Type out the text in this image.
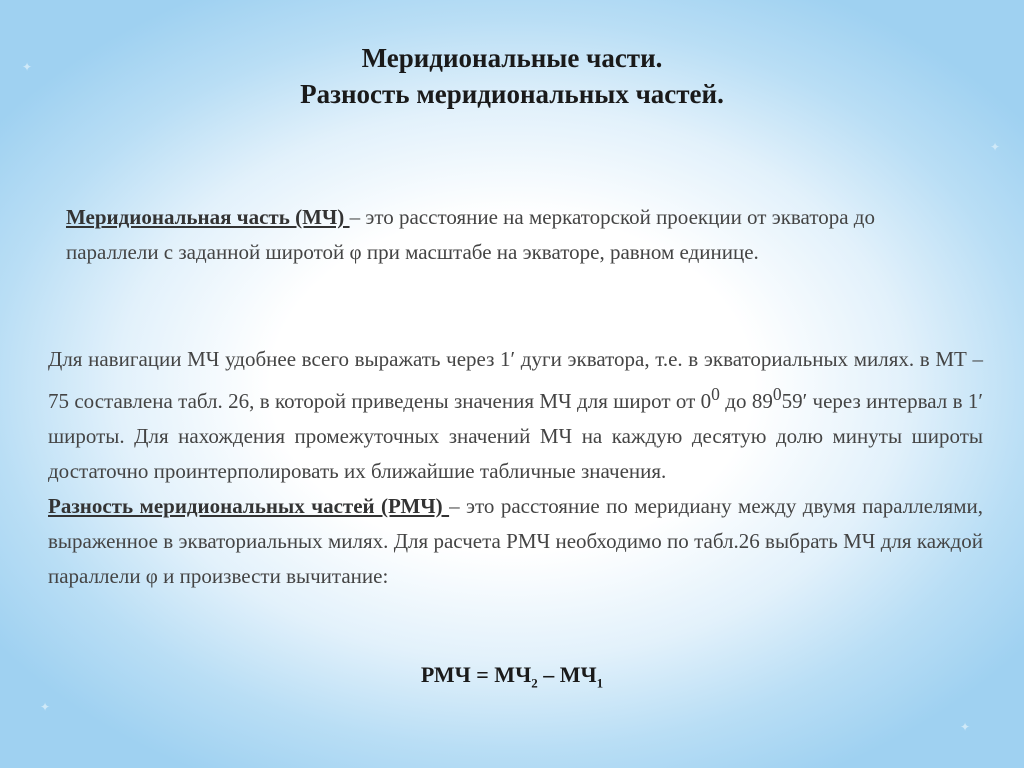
Меридиональные части.
Разность меридиональных частей.
Меридиональная часть (МЧ) – это расстояние на меркаторской проекции от экватора до параллели с заданной широтой φ при масштабе на экваторе, равном единице.

Для навигации МЧ удобнее всего выражать через 1′ дуги экватора, т.е. в экваториальных милях. в МТ – 75 составлена табл. 26, в которой приведены значения МЧ для широт от $0^0$ до $89^059'$ через интервал в 1′ широты. Для нахождения промежуточных значений МЧ на каждую десятую долю минуты широты достаточно проинтерполировать их ближайшие табличные значения.

Разность меридиональных частей (РМЧ) – это расстояние по меридиану между двумя параллелями, выраженное в экваториальных милях. Для расчета РМЧ необходимо по табл.26 выбрать МЧ для каждой параллели φ и произвести вычитание:

РМЧ = $МЧ_2 - МЧ_1$
✦
✦
✦
✦
